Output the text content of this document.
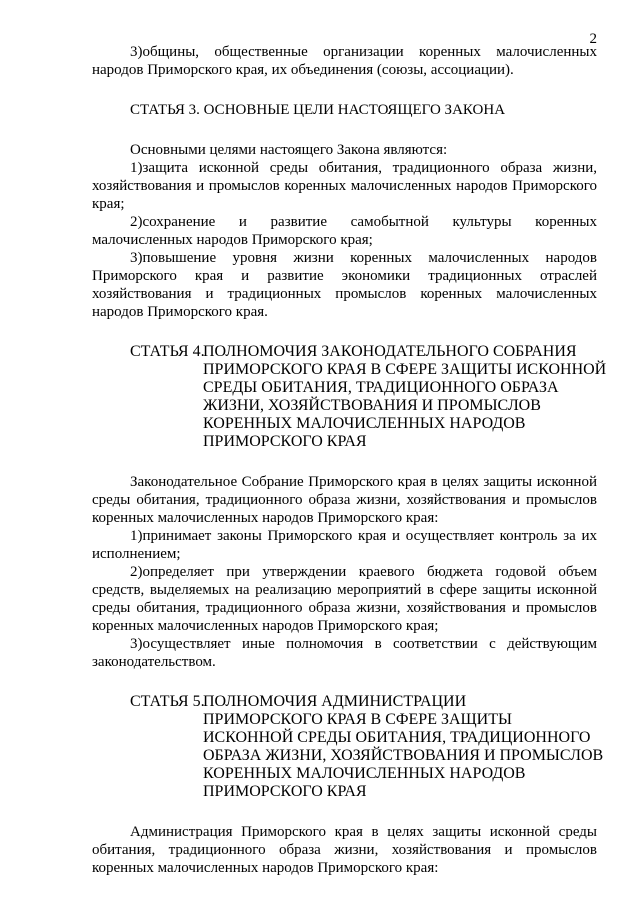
2

3)общины, общественные организации коренных малочисленных народов Приморского края, их объединения (союзы, ассоциации).

СТАТЬЯ 3. ОСНОВНЫЕ ЦЕЛИ НАСТОЯЩЕГО ЗАКОНА

Основными целями настоящего Закона являются:

1)защита исконной среды обитания, традиционного образа жизни, хозяйствования и промыслов коренных малочисленных народов Приморского края;

2)сохранение и развитие самобытной культуры коренных малочисленных народов Приморского края;

3)повышение уровня жизни коренных малочисленных народов Приморского края и развитие экономики традиционных отраслей хозяйствования и традиционных промыслов коренных малочисленных народов Приморского края.

СТАТЬЯ 4.
ПОЛНОМОЧИЯ ЗАКОНОДАТЕЛЬНОГО СОБРАНИЯ
ПРИМОРСКОГО КРАЯ В СФЕРЕ ЗАЩИТЫ ИСКОННОЙ
СРЕДЫ ОБИТАНИЯ, ТРАДИЦИОННОГО ОБРАЗА
ЖИЗНИ, ХОЗЯЙСТВОВАНИЯ И ПРОМЫСЛОВ
КОРЕННЫХ МАЛОЧИСЛЕННЫХ НАРОДОВ
ПРИМОРСКОГО КРАЯ

Законодательное Собрание Приморского края в целях защиты исконной среды обитания, традиционного образа жизни, хозяйствования и промыслов коренных малочисленных народов Приморского края:

1)принимает законы Приморского края и осуществляет контроль за их исполнением;

2)определяет при утверждении краевого бюджета годовой объем средств, выделяемых на реализацию мероприятий в сфере защиты исконной среды обитания, традиционного образа жизни, хозяйствования и промыслов коренных малочисленных народов Приморского края;

3)осуществляет иные полномочия в соответствии с действующим законодательством.

СТАТЬЯ 5.
ПОЛНОМОЧИЯ АДМИНИСТРАЦИИ
ПРИМОРСКОГО КРАЯ В СФЕРЕ ЗАЩИТЫ
ИСКОННОЙ СРЕДЫ ОБИТАНИЯ, ТРАДИЦИОННОГО
ОБРАЗА ЖИЗНИ, ХОЗЯЙСТВОВАНИЯ И ПРОМЫСЛОВ
КОРЕННЫХ МАЛОЧИСЛЕННЫХ НАРОДОВ
ПРИМОРСКОГО КРАЯ

Администрация Приморского края в целях защиты исконной среды обитания, традиционного образа жизни, хозяйствования и промыслов коренных малочисленных народов Приморского края:
